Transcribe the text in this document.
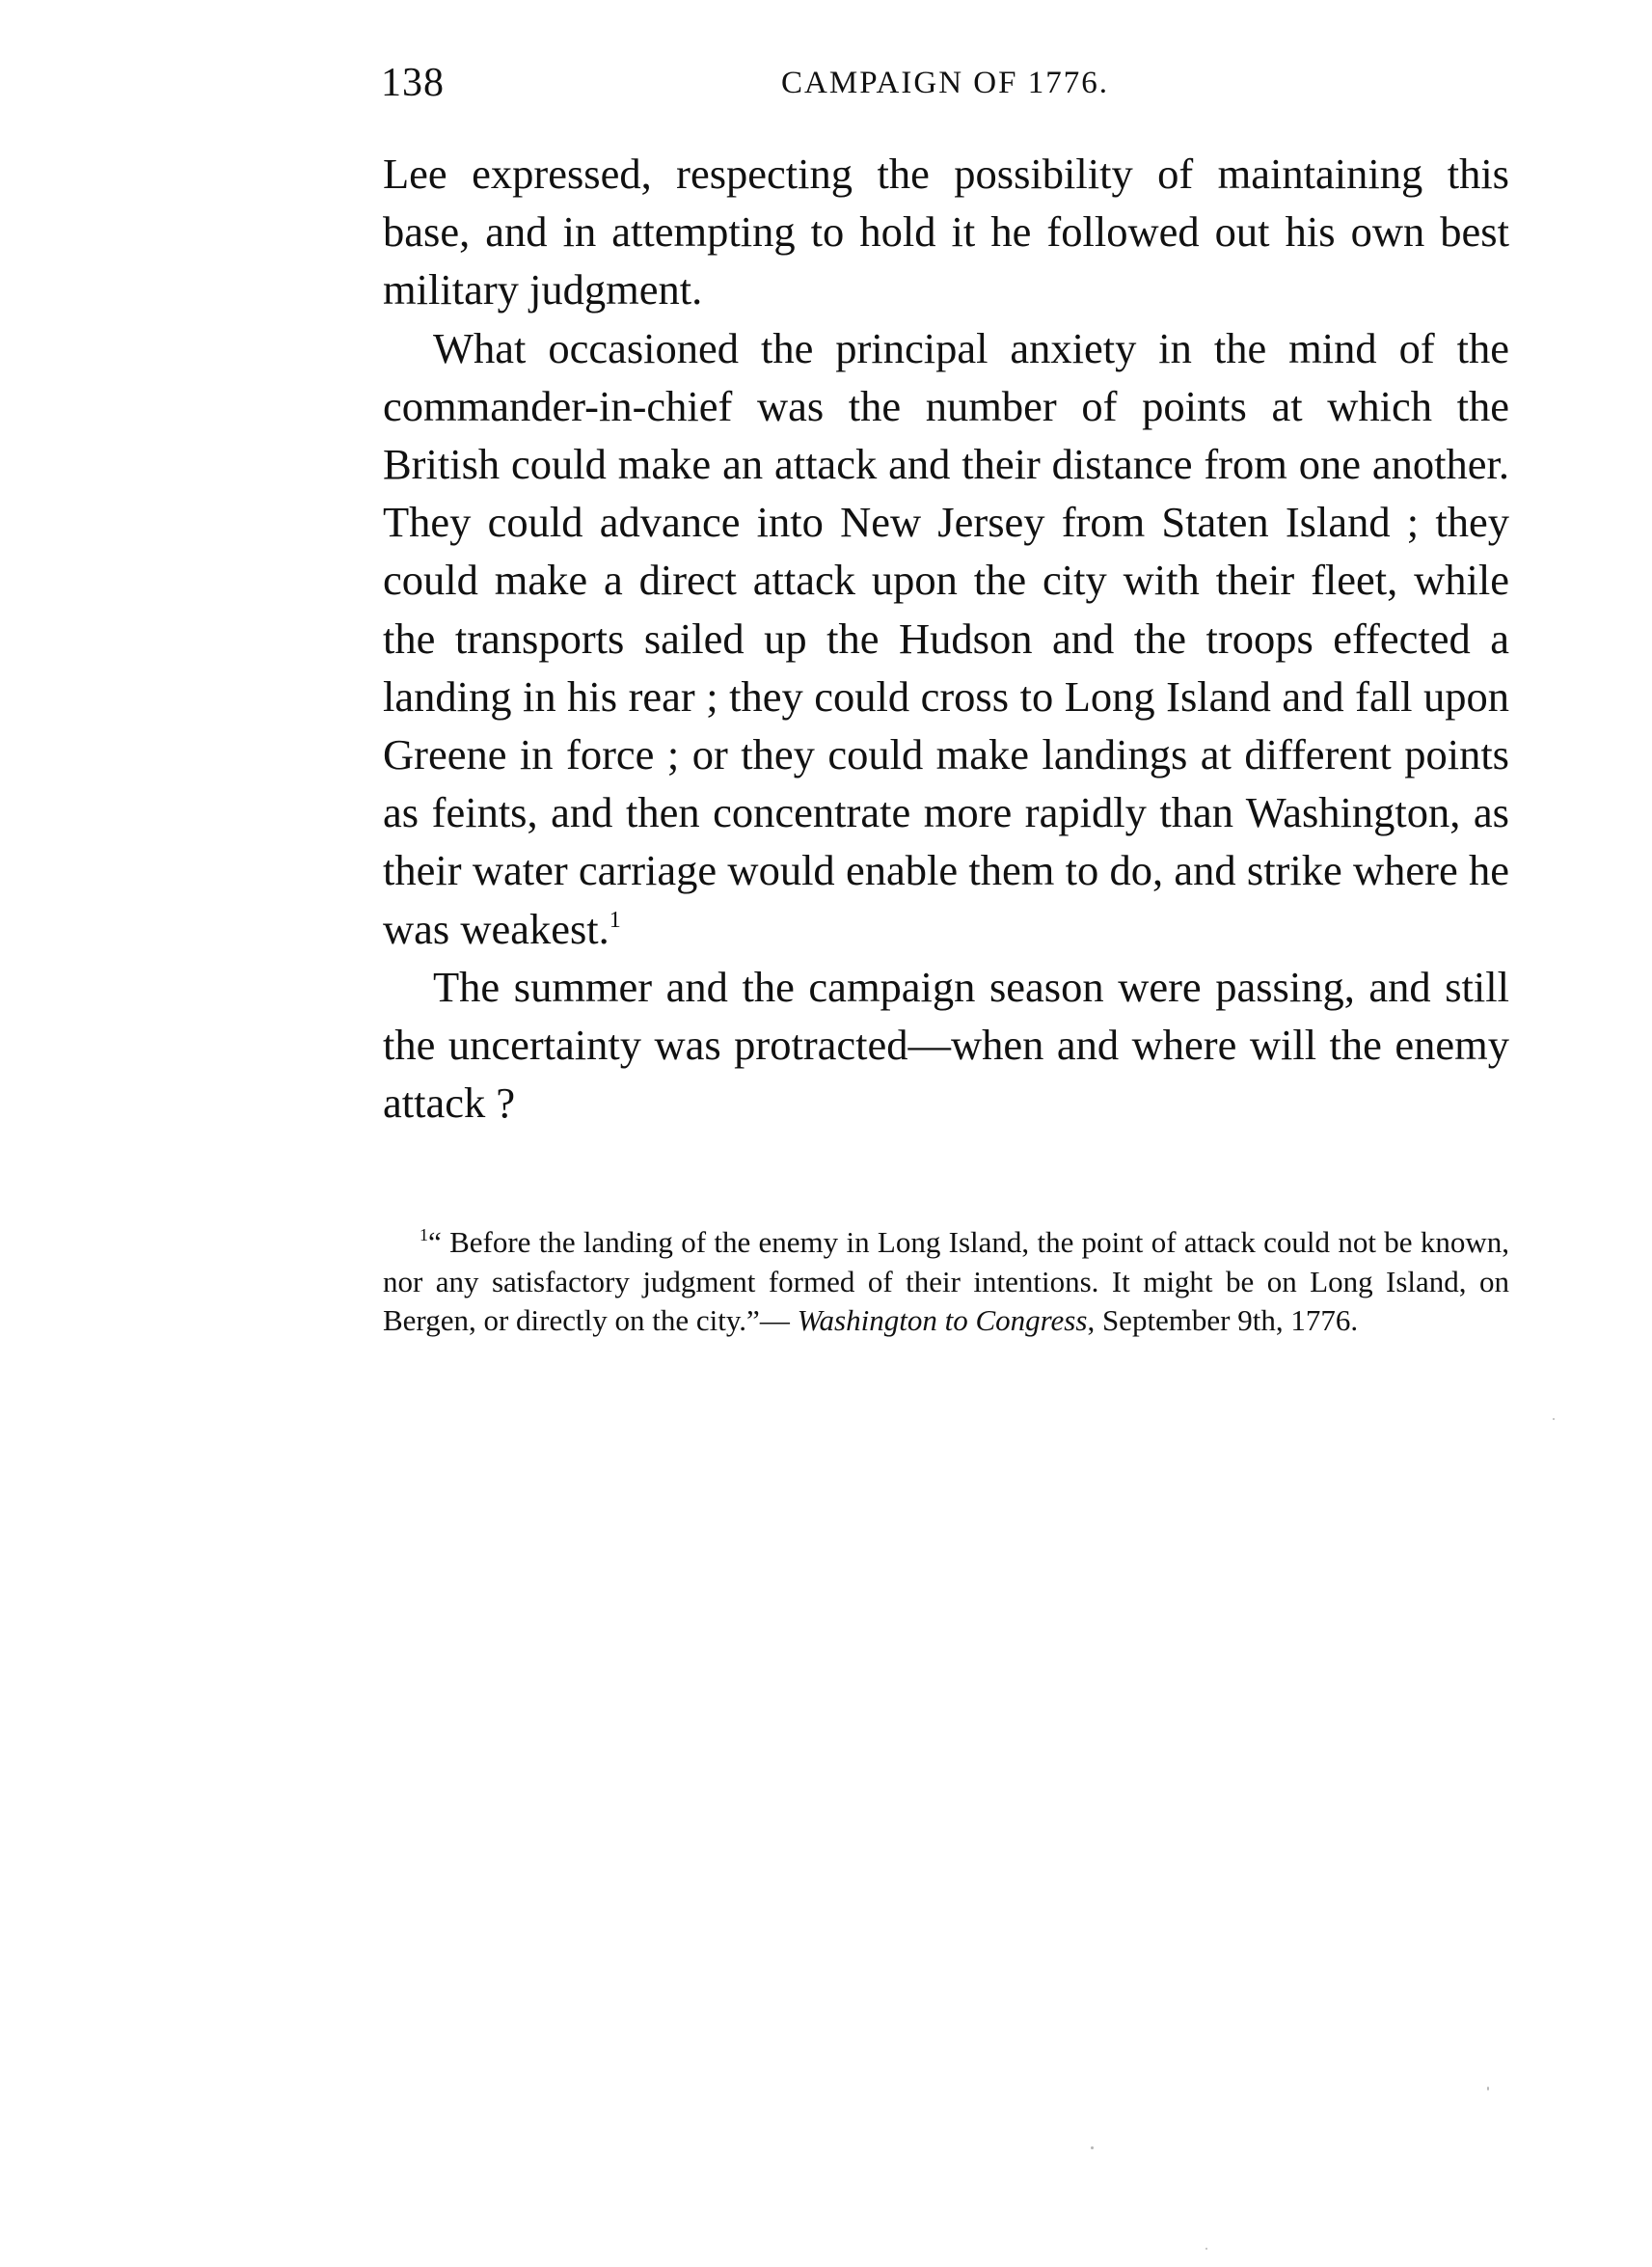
138	CAMPAIGN OF 1776.

Lee expressed, respecting the possibility of maintaining this base, and in attempting to hold it he followed out his own best military judgment.

What occasioned the principal anxiety in the mind of the commander-in-chief was the number of points at which the British could make an attack and their distance from one another. They could advance into New Jersey from Staten Island ; they could make a direct attack upon the city with their fleet, while the transports sailed up the Hudson and the troops effected a landing in his rear ; they could cross to Long Island and fall upon Greene in force ; or they could make landings at different points as feints, and then concentrate more rapidly than Washington, as their water carriage would enable them to do, and strike where he was weakest.$^1$

The summer and the campaign season were passing, and still the uncertainty was protracted—when and where will the enemy attack ?

$^1$“ Before the landing of the enemy in Long Island, the point of attack could not be known, nor any satisfactory judgment formed of their intentions. It might be on Long Island, on Bergen, or directly on the city.”— Washington to Congress, September 9th, 1776.
